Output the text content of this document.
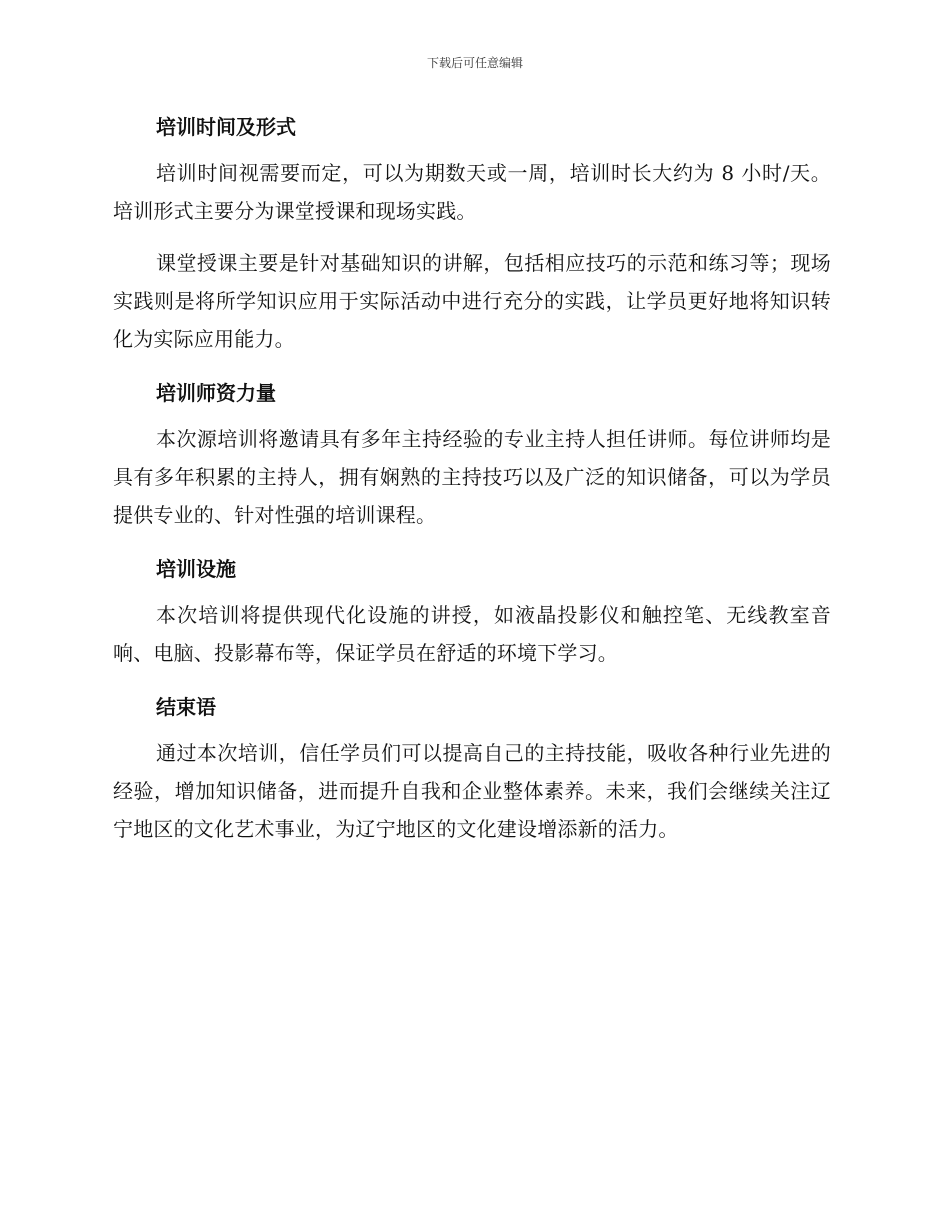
下载后可任意编辑
培训时间及形式

培训时间视需要而定，可以为期数天或一周，培训时长大约为 8 小时/天。培训形式主要分为课堂授课和现场实践。

课堂授课主要是针对基础知识的讲解，包括相应技巧的示范和练习等；现场实践则是将所学知识应用于实际活动中进行充分的实践，让学员更好地将知识转化为实际应用能力。

培训师资力量

本次源培训将邀请具有多年主持经验的专业主持人担任讲师。每位讲师均是具有多年积累的主持人，拥有娴熟的主持技巧以及广泛的知识储备，可以为学员提供专业的、针对性强的培训课程。

培训设施

本次培训将提供现代化设施的讲授，如液晶投影仪和触控笔、无线教室音响、电脑、投影幕布等，保证学员在舒适的环境下学习。

结束语

通过本次培训，信任学员们可以提高自己的主持技能，吸收各种行业先进的经验，增加知识储备，进而提升自我和企业整体素养。未来，我们会继续关注辽宁地区的文化艺术事业，为辽宁地区的文化建设增添新的活力。
